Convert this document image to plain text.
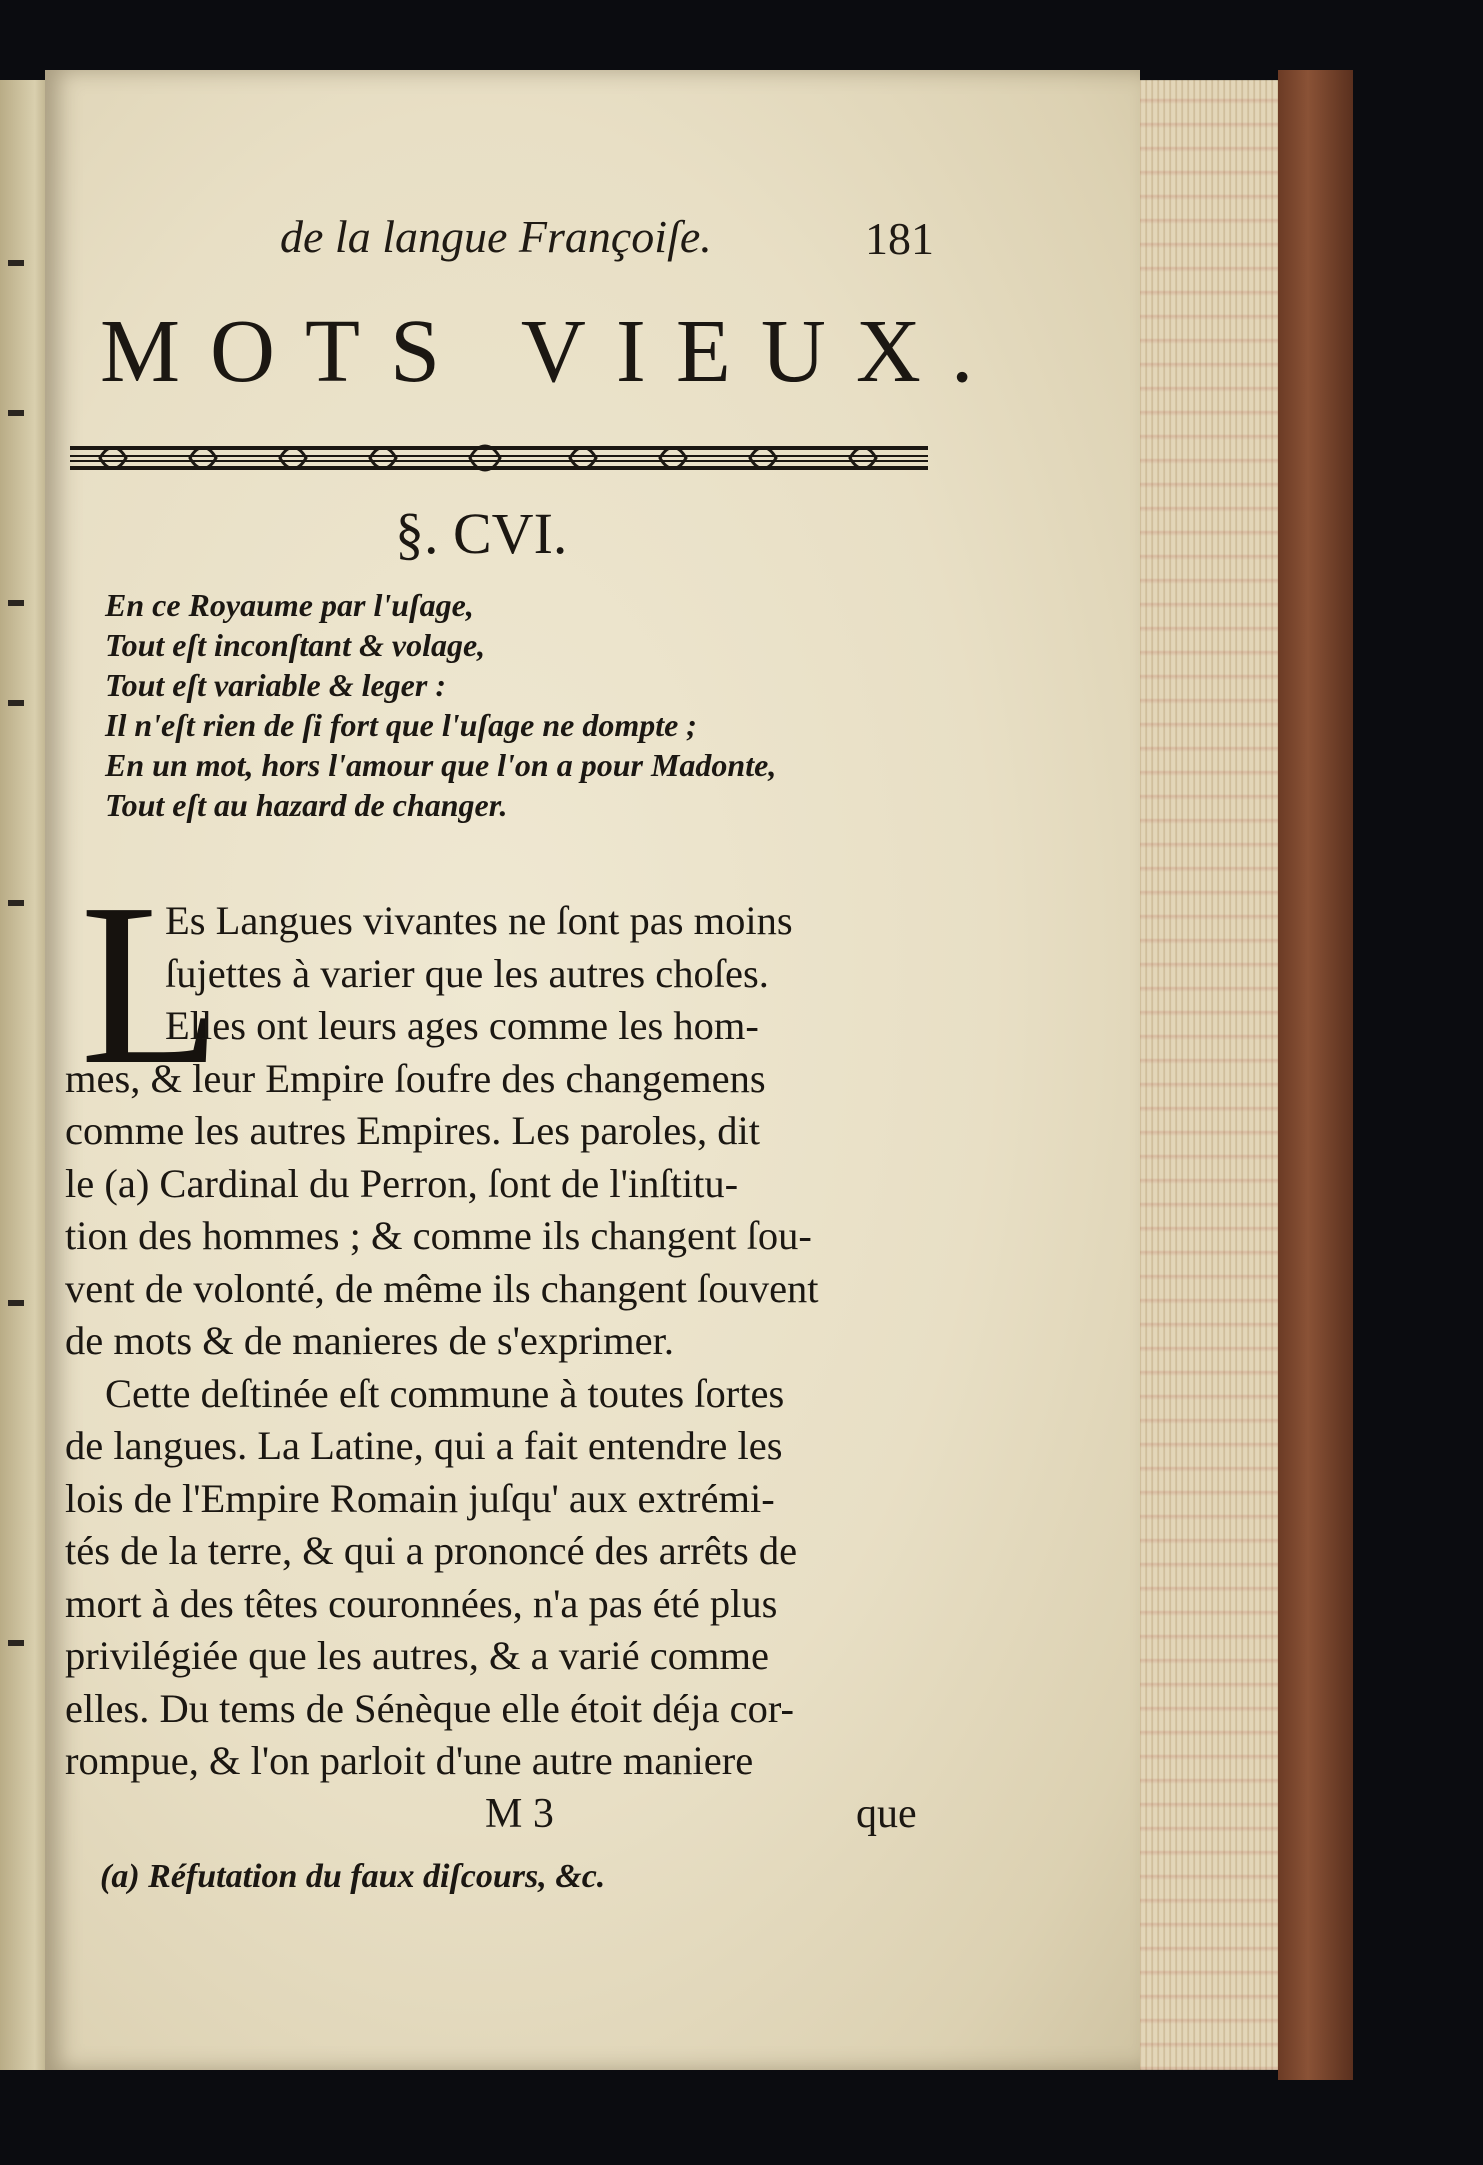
de la langue Françoiſe.	181
MOTS VIEUX.
§. CVI.
En ce Royaume par l'uſage,
Tout eſt inconſtant & volage,
Tout eſt variable & leger :
Il n'eſt rien de ſi fort que l'uſage ne dompte ;
En un mot, hors l'amour que l'on a pour Madonte,
Tout eſt au hazard de changer.
L
Es Langues vivantes ne ſont pas moins
ſujettes à varier que les autres choſes.
Elles ont leurs ages comme les hom-
mes, & leur Empire ſoufre des changemens
comme les autres Empires. Les paroles, dit
le (a) Cardinal du Perron, ſont de l'inſtitu-
tion des hommes ; & comme ils changent ſou-
vent de volonté, de même ils changent ſouvent
de mots & de manieres de s'exprimer.
Cette deſtinée eſt commune à toutes ſortes
de langues. La Latine, qui a fait entendre les
lois de l'Empire Romain juſqu' aux extrémi-
tés de la terre, & qui a prononcé des arrêts de
mort à des têtes couronnées, n'a pas été plus
privilégiée que les autres, & a varié comme
elles. Du tems de Sénèque elle étoit déja cor-
rompue, & l'on parloit d'une autre maniere
M 3	que
(a) Réfutation du faux diſcours, &c.
